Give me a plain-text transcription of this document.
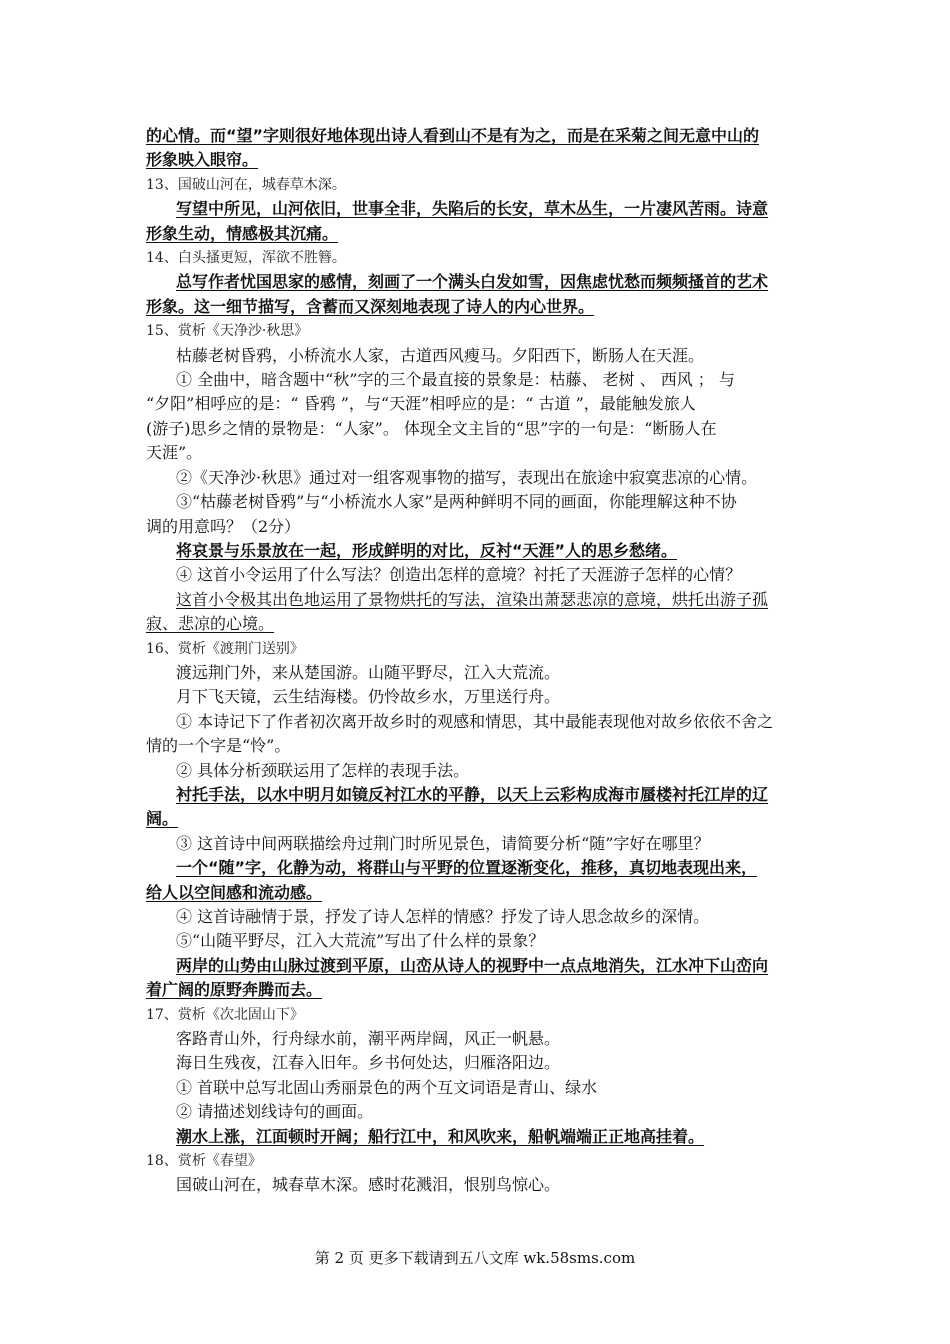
的心情。而“望”字则很好地体现出诗人看到山不是有为之，而是在采菊之间无意中山的
形象映入眼帘。
13、国破山河在，城春草木深。
写望中所见，山河依旧，世事全非，失陷后的长安，草木丛生，一片凄风苦雨。诗意
形象生动，情感极其沉痛。
14、白头搔更短，浑欲不胜簪。
总写作者忧国思家的感情，刻画了一个满头白发如雪，因焦虑忧愁而频频搔首的艺术
形象。这一细节描写，含蓄而又深刻地表现了诗人的内心世界。
15、赏析《天净沙·秋思》
枯藤老树昏鸦，小桥流水人家，古道西风瘦马。夕阳西下，断肠人在天涯。
① 全曲中，暗含题中“秋”字的三个最直接的景象是：枯藤、 老树 、 西风 ； 与
“夕阳”相呼应的是：“ 昏鸦 ”，与“天涯”相呼应的是：“ 古道 ”，最能触发旅人
(游子)思乡之情的景物是：“人家”。 体现全文主旨的“思”字的一句是：“断肠人在
天涯”。
②《天净沙·秋思》通过对一组客观事物的描写，表现出在旅途中寂寞悲凉的心情。
③“枯藤老树昏鸦”与“小桥流水人家”是两种鲜明不同的画面，你能理解这种不协
调的用意吗？（2分）
将哀景与乐景放在一起，形成鲜明的对比，反衬“天涯”人的思乡愁绪。
④ 这首小令运用了什么写法？创造出怎样的意境？衬托了天涯游子怎样的心情？
这首小令极其出色地运用了景物烘托的写法，渲染出萧瑟悲凉的意境，烘托出游子孤
寂、悲凉的心境。
16、赏析《渡荆门送别》
渡远荆门外，来从楚国游。山随平野尽，江入大荒流。
月下飞天镜，云生结海楼。仍怜故乡水，万里送行舟。
① 本诗记下了作者初次离开故乡时的观感和情思，其中最能表现他对故乡依依不舍之
情的一个字是“怜”。
② 具体分析颈联运用了怎样的表现手法。
衬托手法，以水中明月如镜反衬江水的平静，以天上云彩构成海市蜃楼衬托江岸的辽
阔。
③ 这首诗中间两联描绘舟过荆门时所见景色，请简要分析“随”字好在哪里？
一个“随”字，化静为动，将群山与平野的位置逐渐变化，推移，真切地表现出来，
给人以空间感和流动感。
④ 这首诗融情于景，抒发了诗人怎样的情感？抒发了诗人思念故乡的深情。
⑤“山随平野尽，江入大荒流”写出了什么样的景象？
两岸的山势由山脉过渡到平原，山峦从诗人的视野中一点点地消失，江水冲下山峦向
着广阔的原野奔腾而去。
17、赏析《次北固山下》
客路青山外，行舟绿水前，潮平两岸阔，风正一帆悬。
海日生残夜，江春入旧年。乡书何处达，归雁洛阳边。
① 首联中总写北固山秀丽景色的两个互文词语是青山、绿水
② 请描述划线诗句的画面。
潮水上涨，江面顿时开阔；船行江中，和风吹来，船帆端端正正地高挂着。
18、赏析《春望》
国破山河在，城春草木深。感时花溅泪，恨别鸟惊心。
第 2 页 更多下载请到五八文库 wk.58sms.com
